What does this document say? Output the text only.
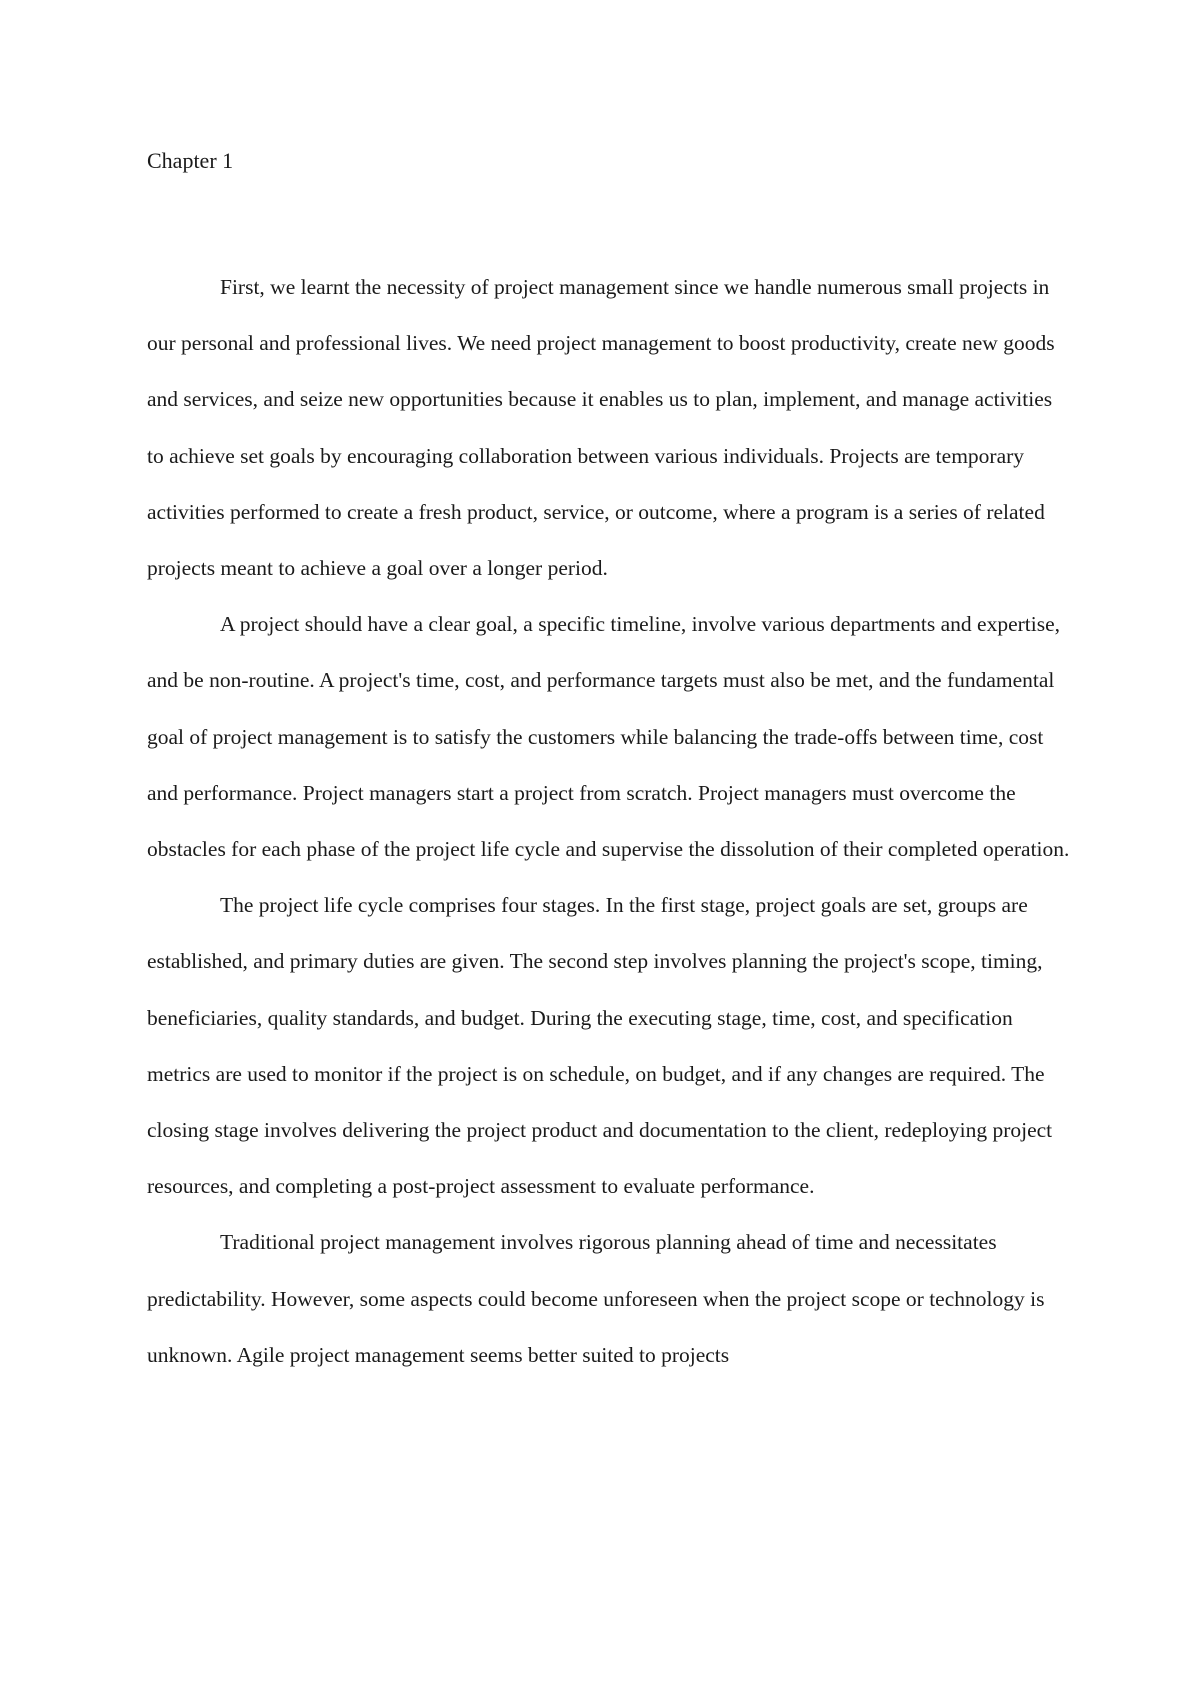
Chapter 1

First, we learnt the necessity of project management since we handle numerous small projects in our personal and professional lives. We need project management to boost productivity, create new goods and services, and seize new opportunities because it enables us to plan, implement, and manage activities to achieve set goals by encouraging collaboration between various individuals. Projects are temporary activities performed to create a fresh product, service, or outcome, where a program is a series of related projects meant to achieve a goal over a longer period.

A project should have a clear goal, a specific timeline, involve various departments and expertise, and be non-routine. A project's time, cost, and performance targets must also be met, and the fundamental goal of project management is to satisfy the customers while balancing the trade-offs between time, cost and performance. Project managers start a project from scratch. Project managers must overcome the obstacles for each phase of the project life cycle and supervise the dissolution of their completed operation.

The project life cycle comprises four stages. In the first stage, project goals are set, groups are established, and primary duties are given. The second step involves planning the project's scope, timing, beneficiaries, quality standards, and budget. During the executing stage, time, cost, and specification metrics are used to monitor if the project is on schedule, on budget, and if any changes are required. The closing stage involves delivering the project product and documentation to the client, redeploying project resources, and completing a post-project assessment to evaluate performance.

Traditional project management involves rigorous planning ahead of time and necessitates predictability. However, some aspects could become unforeseen when the project scope or technology is unknown. Agile project management seems better suited to projects
